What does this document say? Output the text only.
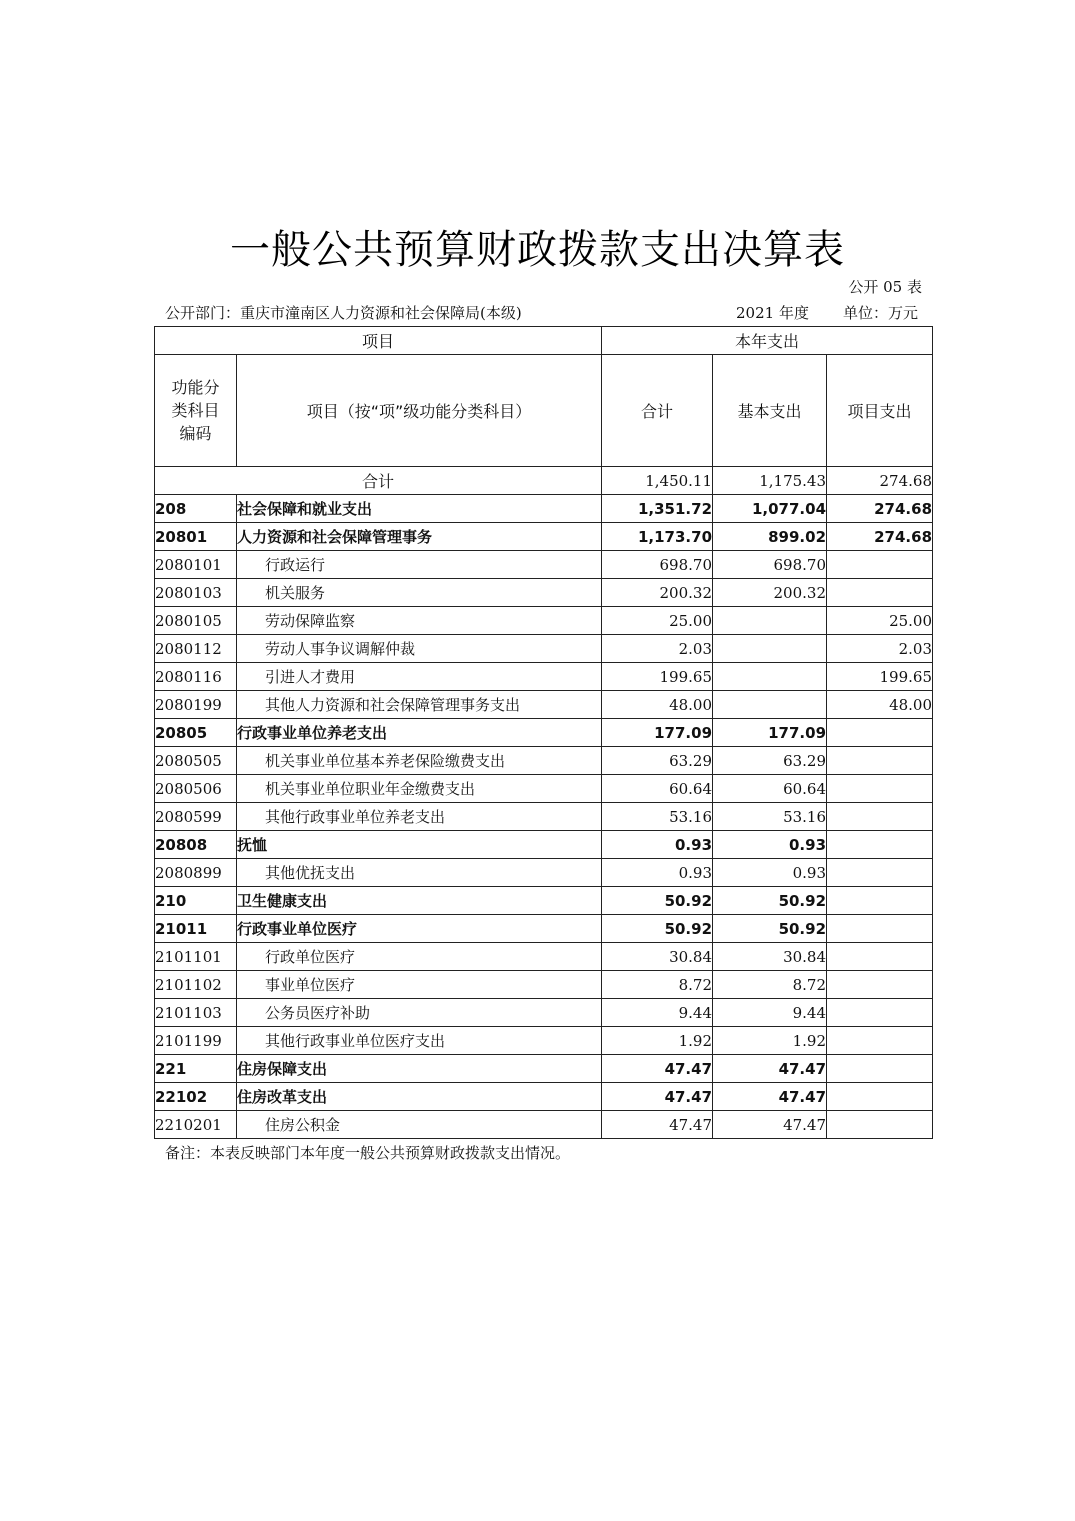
一般公共预算财政拨款支出决算表
公开 05 表
公开部门：重庆市潼南区人力资源和社会保障局(本级)	2021 年度 单位：万元
项目		本年支出		

功能分类科目编码	项目（按“项”级功能分类科目）	合计	基本支出	项目支出
合计		1,450.11	1,175.43	274.68
208	社会保障和就业支出	1,351.72	1,077.04	274.68
20801	人力资源和社会保障管理事务	1,173.70	899.02	274.68
2080101	行政运行	698.70	698.70	
2080103	机关服务	200.32	200.32	
2080105	劳动保障监察	25.00		25.00
2080112	劳动人事争议调解仲裁	2.03		2.03
2080116	引进人才费用	199.65		199.65
2080199	其他人力资源和社会保障管理事务支出	48.00		48.00
20805	行政事业单位养老支出	177.09	177.09	
2080505	机关事业单位基本养老保险缴费支出	63.29	63.29	
2080506	机关事业单位职业年金缴费支出	60.64	60.64	
2080599	其他行政事业单位养老支出	53.16	53.16	
20808	抚恤	0.93	0.93	
2080899	其他优抚支出	0.93	0.93	
210	卫生健康支出	50.92	50.92	
21011	行政事业单位医疗	50.92	50.92	
2101101	行政单位医疗	30.84	30.84	
2101102	事业单位医疗	8.72	8.72	
2101103	公务员医疗补助	9.44	9.44	
2101199	其他行政事业单位医疗支出	1.92	1.92	
221	住房保障支出	47.47	47.47	
22102	住房改革支出	47.47	47.47	
2210201	住房公积金	47.47	47.47	
备注：本表反映部门本年度一般公共预算财政拨款支出情况。
